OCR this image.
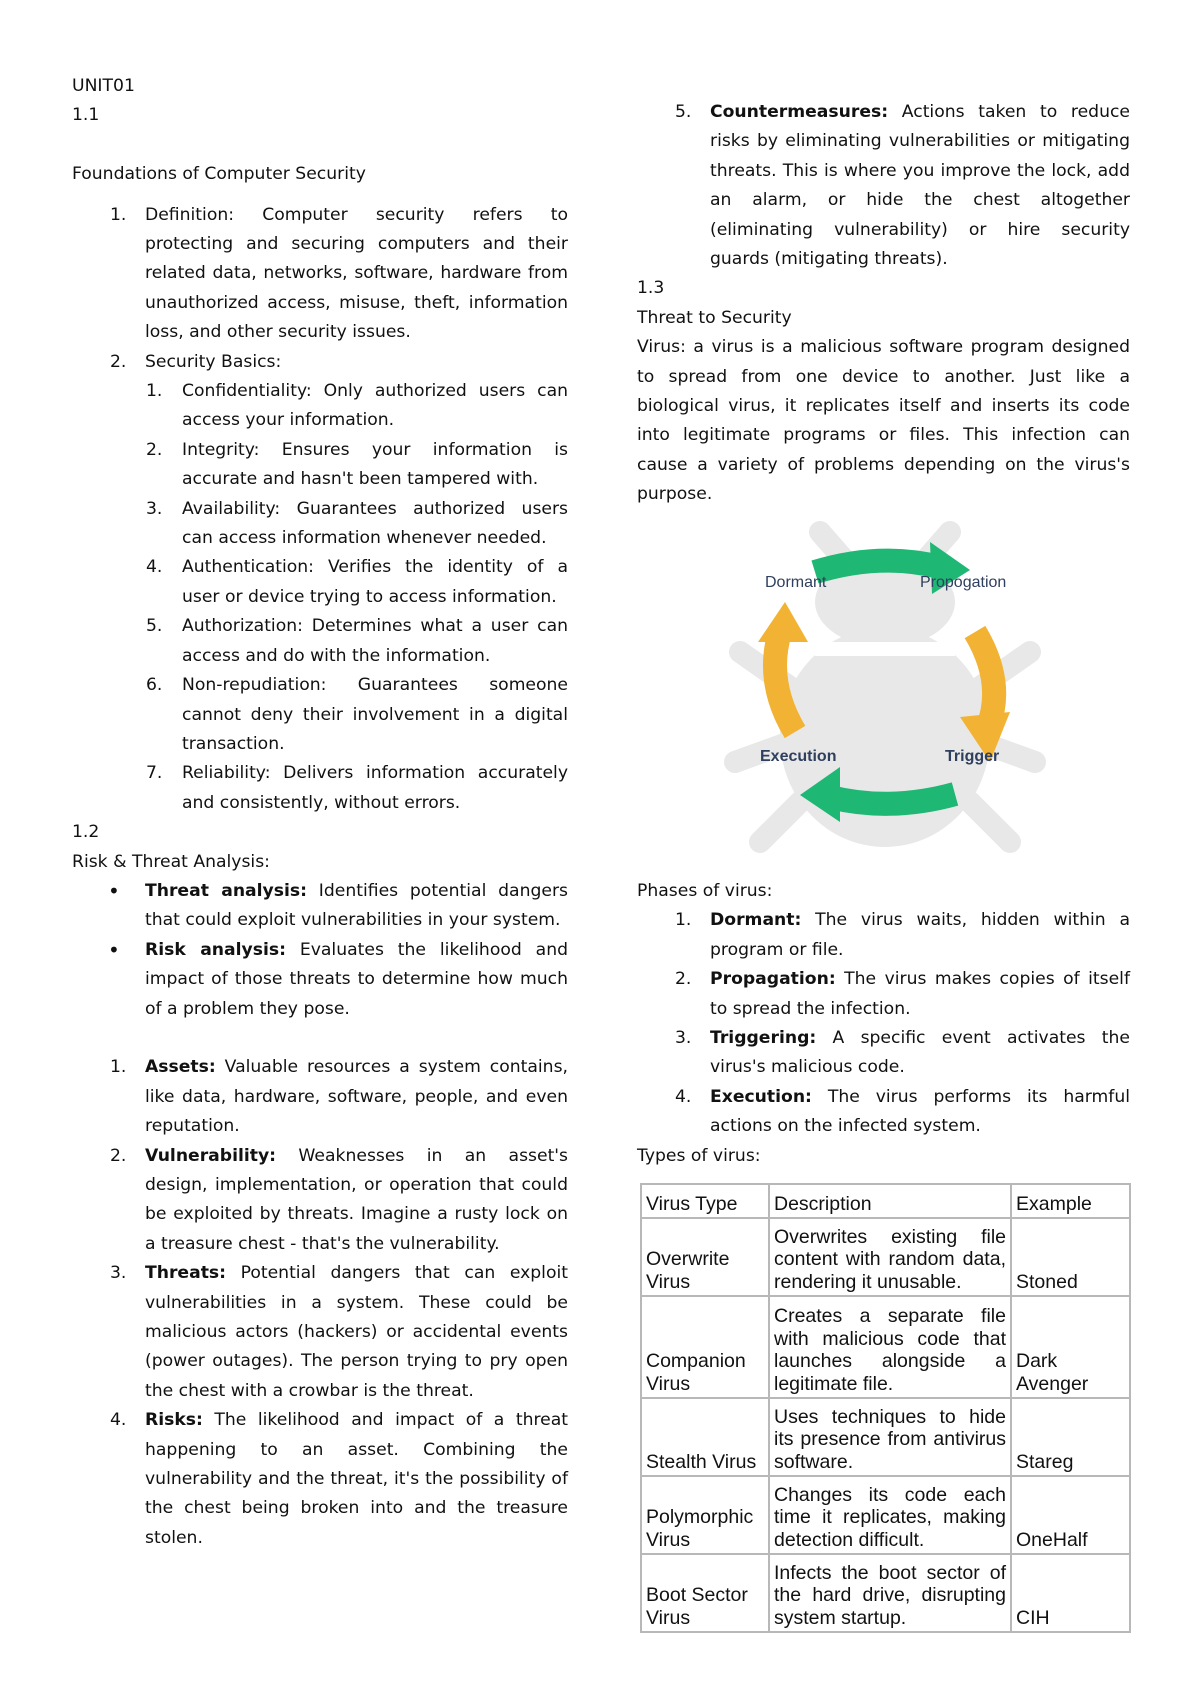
UNIT01

1.1

Foundations of Computer Security

1. Definition: Computer security refers to protecting and securing computers and their related data, networks, software, hardware from unauthorized access, misuse, theft, information loss, and other security issues.
2. Security Basics:
1. Confidentiality: Only authorized users can access your information.
2. Integrity: Ensures your information is accurate and hasn't been tampered with.
3. Availability: Guarantees authorized users can access information whenever needed.
4. Authentication: Verifies the identity of a user or device trying to access information.
5. Authorization: Determines what a user can access and do with the information.
6. Non-repudiation: Guarantees someone cannot deny their involvement in a digital transaction.
7. Reliability: Delivers information accurately and consistently, without errors.

1.2

Risk & Threat Analysis:

• Threat analysis: Identifies potential dangers that could exploit vulnerabilities in your system.
• Risk analysis: Evaluates the likelihood and impact of those threats to determine how much of a problem they pose.
1. Assets: Valuable resources a system contains, like data, hardware, software, people, and even reputation.
2. Vulnerability: Weaknesses in an asset's design, implementation, or operation that could be exploited by threats. Imagine a rusty lock on a treasure chest - that's the vulnerability.
3. Threats: Potential dangers that can exploit vulnerabilities in a system. These could be malicious actors (hackers) or accidental events (power outages). The person trying to pry open the chest with a crowbar is the threat.
4. Risks: The likelihood and impact of a threat happening to an asset. Combining the vulnerability and the threat, it's the possibility of the chest being broken into and the treasure stolen.
5. Countermeasures: Actions taken to reduce risks by eliminating vulnerabilities or mitigating threats. This is where you improve the lock, add an alarm, or hide the chest altogether (eliminating vulnerability) or hire security guards (mitigating threats).

1.3

Threat to Security

Virus: a virus is a malicious software program designed to spread from one device to another. Just like a biological virus, it replicates itself and inserts its code into legitimate programs or files. This infection can cause a variety of problems depending on the virus's purpose.

Dormant	Propogation
Execution	Trigger

Phases of virus:

1. Dormant: The virus waits, hidden within a program or file.
2. Propagation: The virus makes copies of itself to spread the infection.
3. Triggering: A specific event activates the virus's malicious code.
4. Execution: The virus performs its harmful actions on the infected system.

Types of virus:

Virus Type	Description	Example
Overwrite Virus	Overwrites existing file content with random data, rendering it unusable.	Stoned
Companion Virus	Creates a separate file with malicious code that launches alongside a legitimate file.	Dark Avenger
Stealth Virus	Uses techniques to hide its presence from antivirus software.	Stareg
Polymorphic Virus	Changes its code each time it replicates, making detection difficult.	OneHalf
Boot Sector Virus	Infects the boot sector of the hard drive, disrupting system startup.	CIH
